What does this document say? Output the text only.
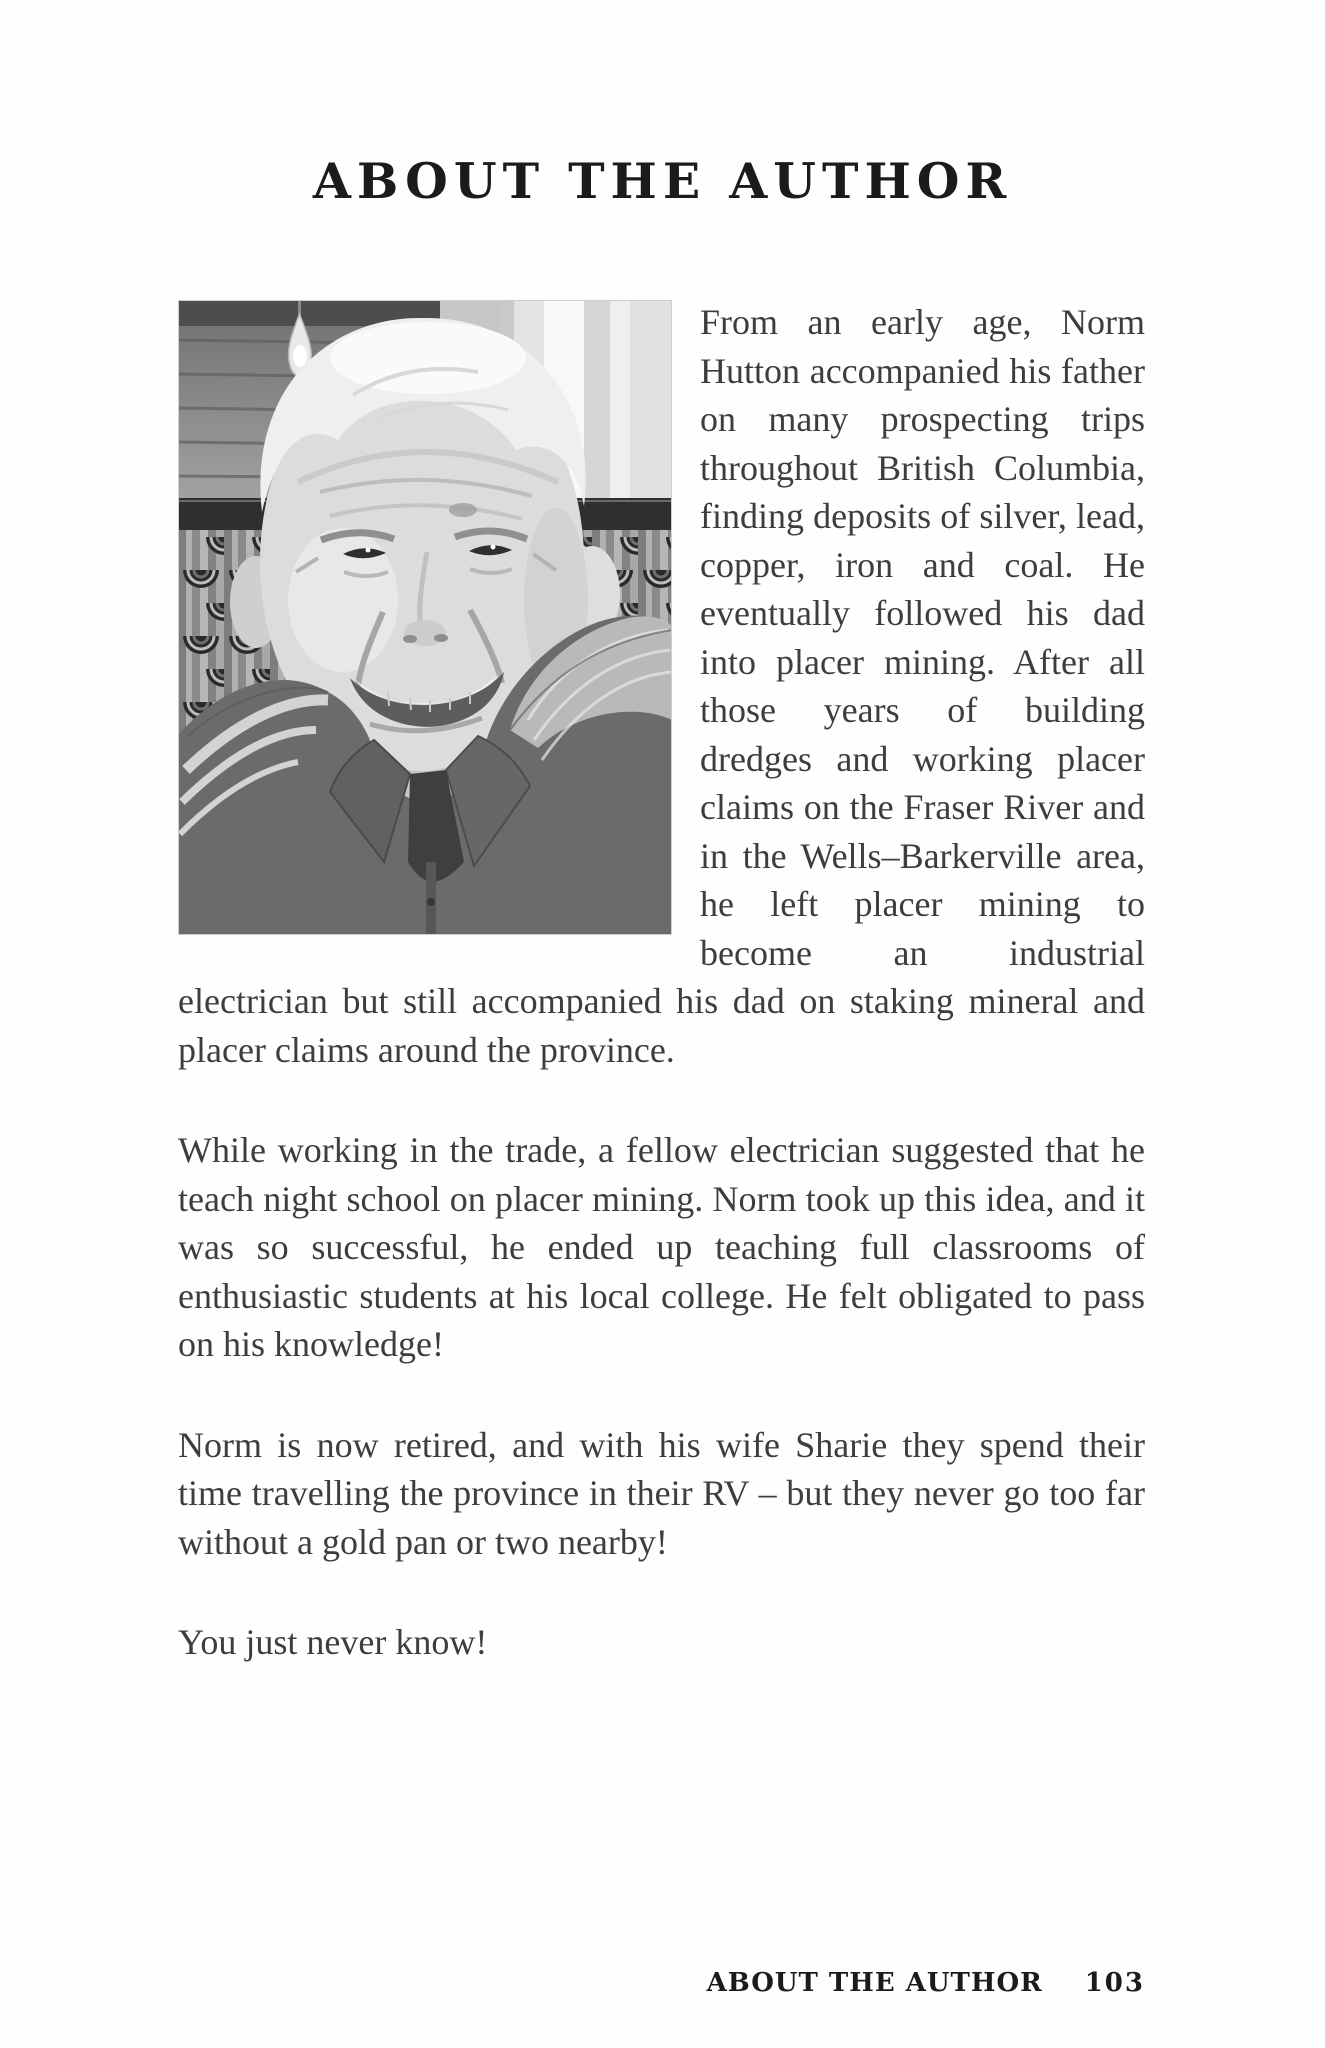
ABOUT THE AUTHOR

From an early age, Norm Hutton accompanied his father on many prospecting trips throughout British Columbia, finding deposits of silver, lead, copper, iron and coal. He eventually followed his dad into placer mining. After all those years of building dredges and working placer claims on the Fraser River and in the Wells–Barkerville area, he left placer mining to become an industrial electrician but still accompanied his dad on staking mineral and placer claims around the province.

While working in the trade, a fellow electrician suggested that he teach night school on placer mining. Norm took up this idea, and it was so successful, he ended up teaching full classrooms of enthusiastic students at his local college. He felt obligated to pass on his knowledge!

Norm is now retired, and with his wife Sharie they spend their time travelling the province in their RV – but they never go too far without a gold pan or two nearby!

You just never know!

ABOUT THE AUTHOR 103
